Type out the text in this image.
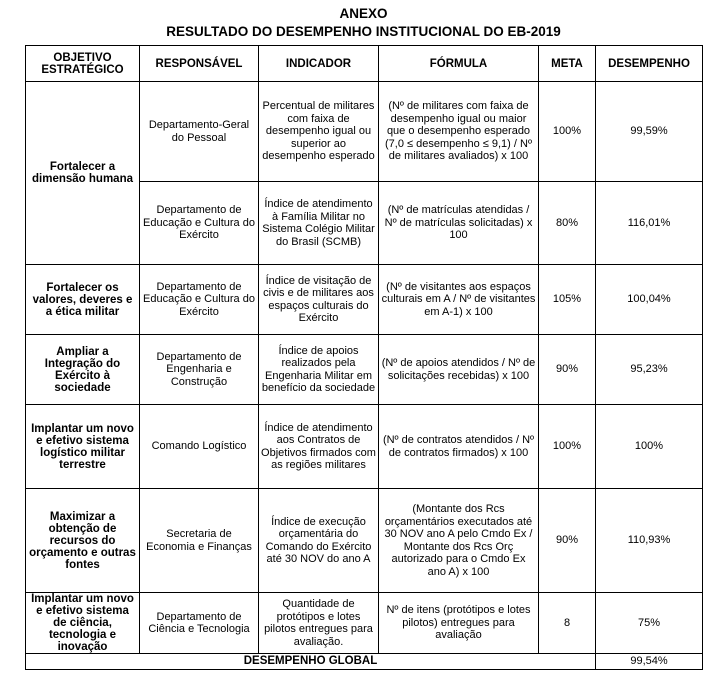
ANEXO
RESULTADO DO DESEMPENHO INSTITUCIONAL DO EB-2019
OBJETIVO ESTRATÉGICO	RESPONSÁVEL	INDICADOR	FÓRMULA	META	DESEMPENHO
Fortalecer a dimensão humana	Departamento-Geral do Pessoal	Percentual de militares com faixa de desempenho igual ou superior ao desempenho esperado	(Nº de militares com faixa de desempenho igual ou maior que o desempenho esperado (7,0 ≤ desempenho ≤ 9,1) / Nº de militares avaliados) x 100	100%	99,59%
	Departamento de Educação e Cultura do Exército	Índice de atendimento à Família Militar no Sistema Colégio Militar do Brasil (SCMB)	(Nº de matrículas atendidas / Nº de matrículas solicitadas) x 100	80%	116,01%
Fortalecer os valores, deveres e a ética militar	Departamento de Educação e Cultura do Exército	Índice de visitação de civis e de militares aos espaços culturais do Exército	(Nº de visitantes aos espaços culturais em A / Nº de visitantes em A-1) x 100	105%	100,04%
Ampliar a Integração do Exército à sociedade	Departamento de Engenharia e Construção	Índice de apoios realizados pela Engenharia Militar em benefício da sociedade	(Nº de apoios atendidos / Nº de solicitações recebidas) x 100	90%	95,23%
Implantar um novo e efetivo sistema logístico militar terrestre	Comando Logístico	Índice de atendimento aos Contratos de Objetivos firmados com as regiões militares	(Nº de contratos atendidos / Nº de contratos firmados) x 100	100%	100%
Maximizar a obtenção de recursos do orçamento e outras fontes	Secretaria de Economia e Finanças	Índice de execução orçamentária do Comando do Exército até 30 NOV do ano A	(Montante dos Rcs orçamentários executados até 30 NOV ano A pelo Cmdo Ex / Montante dos Rcs Orç autorizado para o Cmdo Ex ano A) x 100	90%	110,93%
Implantar um novo e efetivo sistema de ciência, tecnologia e inovação	Departamento de Ciência e Tecnologia	Quantidade de protótipos e lotes pilotos entregues para avaliação.	Nº de itens (protótipos e lotes pilotos) entregues para avaliação	8	75%
DESEMPENHO GLOBAL					99,54%
